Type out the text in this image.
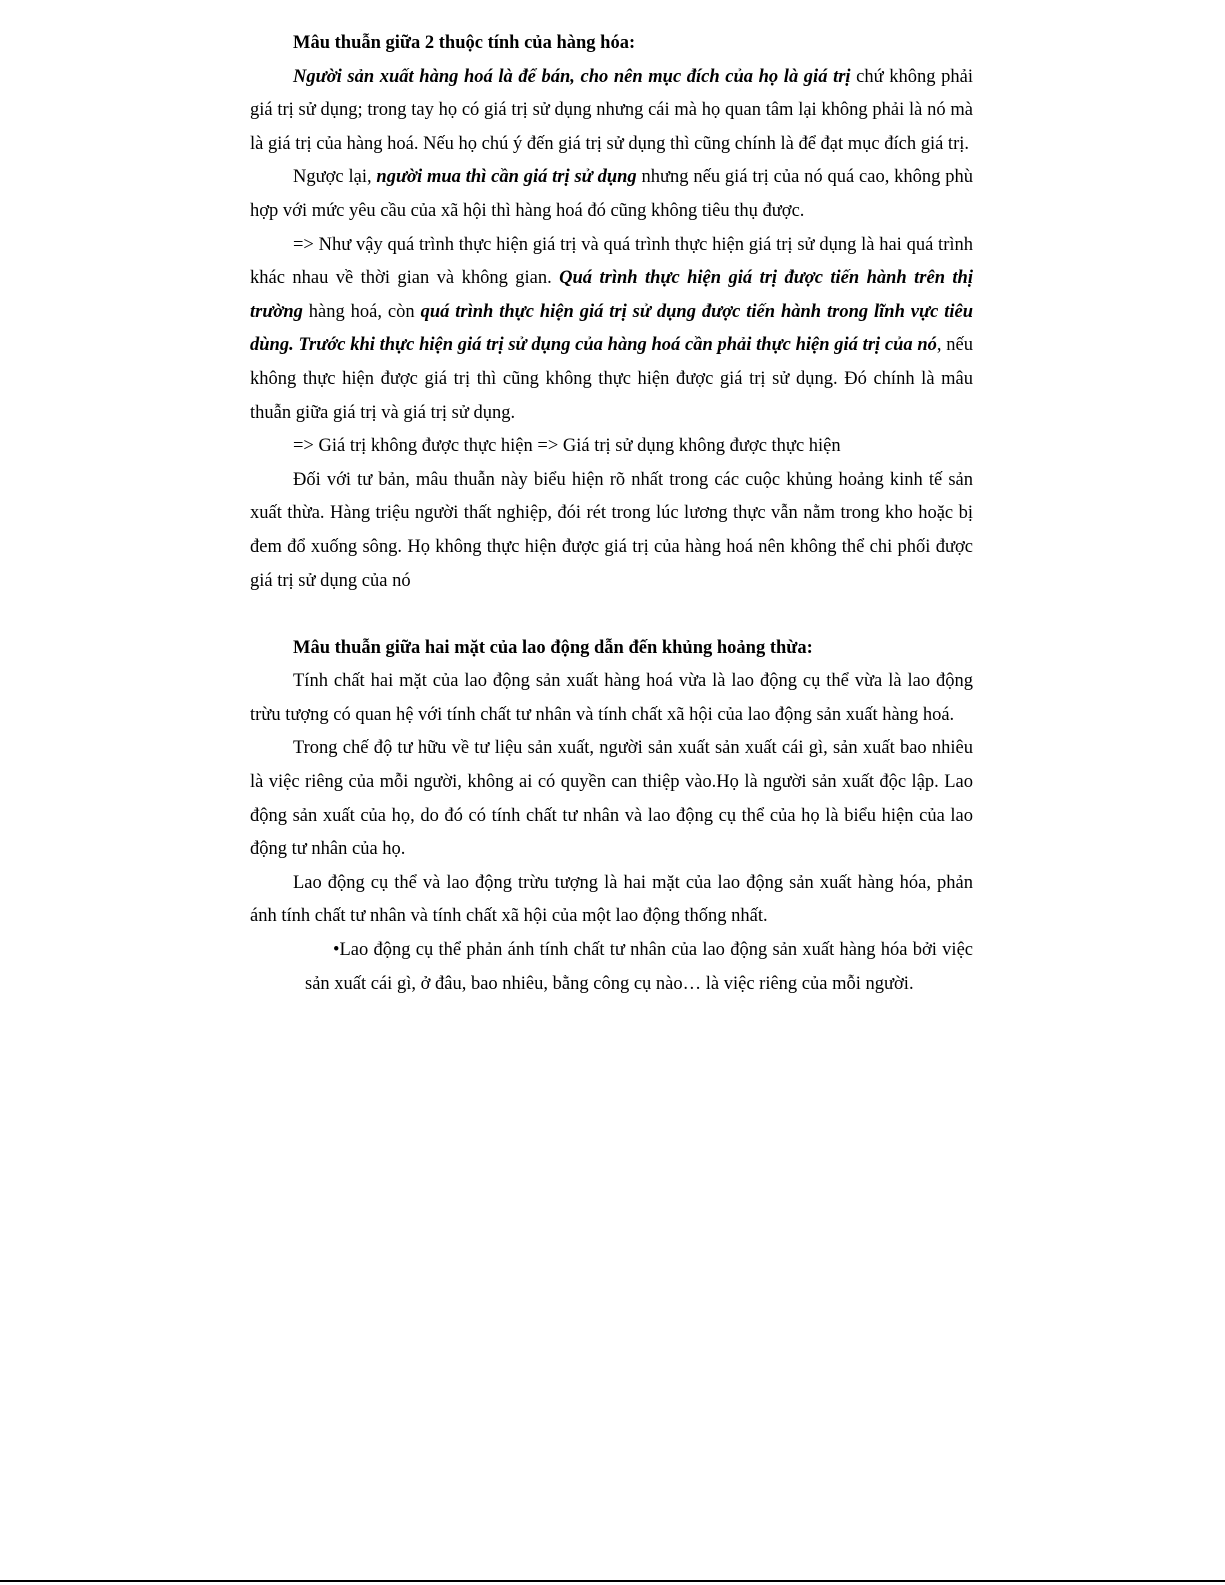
Mâu thuẫn giữa 2 thuộc tính của hàng hóa:

Người sản xuất hàng hoá là để bán, cho nên mục đích của họ là giá trị chứ không phải giá trị sử dụng; trong tay họ có giá trị sử dụng nhưng cái mà họ quan tâm lại không phải là nó mà là giá trị của hàng hoá. Nếu họ chú ý đến giá trị sử dụng thì cũng chính là để đạt mục đích giá trị.

Ngược lại, người mua thì cần giá trị sử dụng nhưng nếu giá trị của nó quá cao, không phù hợp với mức yêu cầu của xã hội thì hàng hoá đó cũng không tiêu thụ được.

=> Như vậy quá trình thực hiện giá trị và quá trình thực hiện giá trị sử dụng là hai quá trình khác nhau về thời gian và không gian. Quá trình thực hiện giá trị được tiến hành trên thị trường hàng hoá, còn quá trình thực hiện giá trị sử dụng được tiến hành trong lĩnh vực tiêu dùng. Trước khi thực hiện giá trị sử dụng của hàng hoá cần phải thực hiện giá trị của nó, nếu không thực hiện được giá trị thì cũng không thực hiện được giá trị sử dụng. Đó chính là mâu thuẫn giữa giá trị và giá trị sử dụng.

=> Giá trị không được thực hiện => Giá trị sử dụng không được thực hiện

Đối với tư bản, mâu thuẫn này biểu hiện rõ nhất trong các cuộc khủng hoảng kinh tế sản xuất thừa. Hàng triệu người thất nghiệp, đói rét trong lúc lương thực vẫn nằm trong kho hoặc bị đem đổ xuống sông. Họ không thực hiện được giá trị của hàng hoá nên không thể chi phối được giá trị sử dụng của nó

Mâu thuẫn giữa hai mặt của lao động dẫn đến khủng hoảng thừa:

Tính chất hai mặt của lao động sản xuất hàng hoá vừa là lao động cụ thể vừa là lao động trừu tượng có quan hệ với tính chất tư nhân và tính chất xã hội của lao động sản xuất hàng hoá.

Trong chế độ tư hữu về tư liệu sản xuất, người sản xuất sản xuất cái gì, sản xuất bao nhiêu là việc riêng của mỗi người, không ai có quyền can thiệp vào.Họ là người sản xuất độc lập. Lao động sản xuất của họ, do đó có tính chất tư nhân và lao động cụ thể của họ là biểu hiện của lao động tư nhân của họ.

Lao động cụ thể và lao động trừu tượng là hai mặt của lao động sản xuất hàng hóa, phản ánh tính chất tư nhân và tính chất xã hội của một lao động thống nhất.

•Lao động cụ thể phản ánh tính chất tư nhân của lao động sản xuất hàng hóa bởi việc sản xuất cái gì, ở đâu, bao nhiêu, bằng công cụ nào… là việc riêng của mỗi người.
